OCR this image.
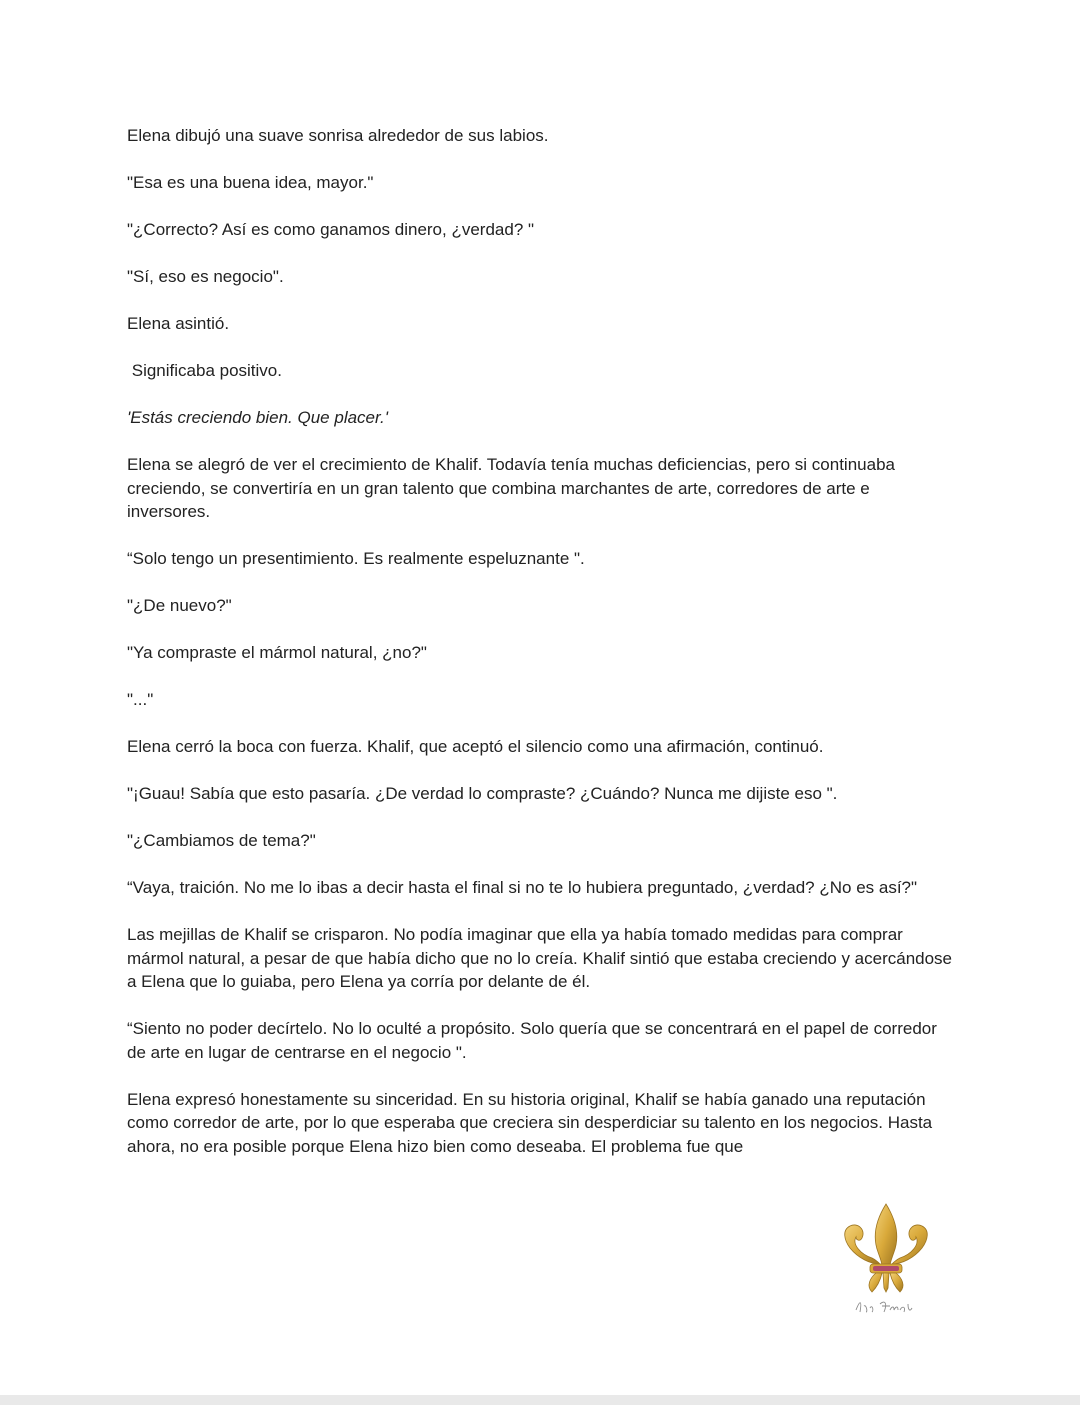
Elena dibujó una suave sonrisa alrededor de sus labios.

"Esa es una buena idea, mayor."

"¿Correcto? Así es como ganamos dinero, ¿verdad? "

"Sí, eso es negocio".

Elena asintió.

Significaba positivo.

'Estás creciendo bien. Que placer.'

Elena se alegró de ver el crecimiento de Khalif. Todavía tenía muchas deficiencias, pero si continuaba creciendo, se convertiría en un gran talento que combina marchantes de arte, corredores de arte e inversores.

“Solo tengo un presentimiento. Es realmente espeluznante ".

"¿De nuevo?"

"Ya compraste el mármol natural, ¿no?"

"..."

Elena cerró la boca con fuerza. Khalif, que aceptó el silencio como una afirmación, continuó.

"¡Guau! Sabía que esto pasaría. ¿De verdad lo compraste? ¿Cuándo? Nunca me dijiste eso ".

"¿Cambiamos de tema?"

“Vaya, traición. No me lo ibas a decir hasta el final si no te lo hubiera preguntado, ¿verdad? ¿No es así?"

Las mejillas de Khalif se crisparon. No podía imaginar que ella ya había tomado medidas para comprar mármol natural, a pesar de que había dicho que no lo creía. Khalif sintió que estaba creciendo y acercándose a Elena que lo guiaba, pero Elena ya corría por delante de él.

“Siento no poder decírtelo. No lo oculté a propósito. Solo quería que se concentrará en el papel de corredor de arte en lugar de centrarse en el negocio ".

Elena expresó honestamente su sinceridad. En su historia original, Khalif se había ganado una reputación como corredor de arte, por lo que esperaba que creciera sin desperdiciar su talento en los negocios. Hasta ahora, no era posible porque Elena hizo bien como deseaba. El problema fue que
